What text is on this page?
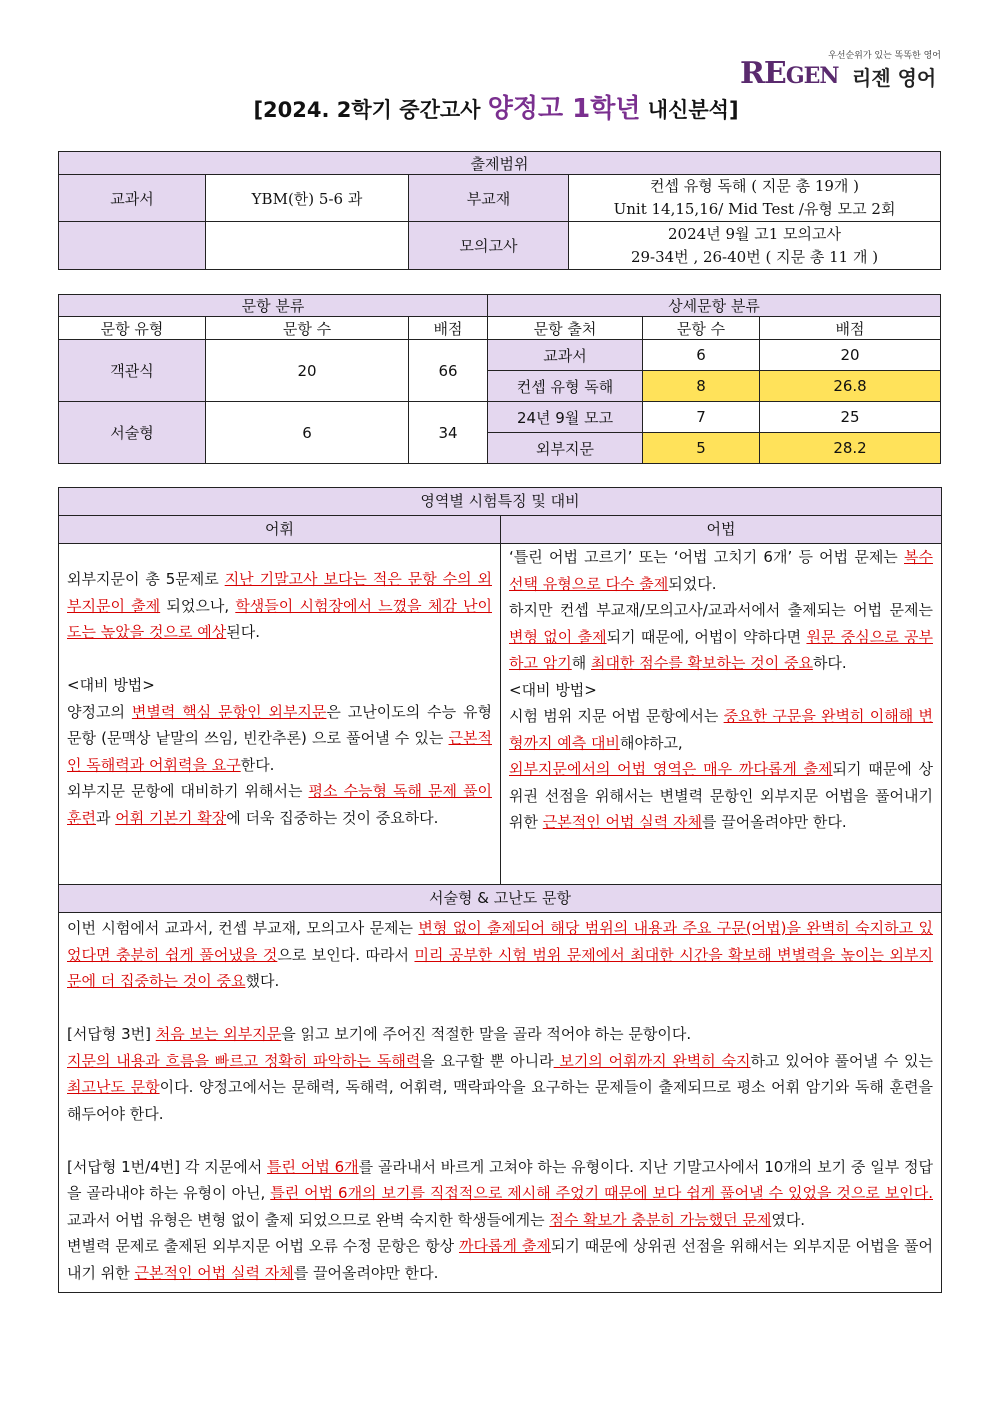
우선순위가 있는 똑똑한 영어
REGEN 리젠 영어
[2024. 2학기 중간고사 양정고 1학년 내신분석]
출제범위			
교과서	YBM(한) 5-6 과	부교재	컨셉 유형 독해 ( 지문 총 19개 )
Unit 14,15,16/ Mid Test /유형 모고 2회

		모의고사	2024년 9월 고1 모의고사
29-34번 , 26-40번 ( 지문 총 11 개 )
문항 분류			상세문항 분류		
문항 유형	문항 수	배점	문항 출처	문항 수	배점
객관식	20	66	교과서	6	20
			컨셉 유형 독해	8	26.8
서술형	6	34	24년 9월 모고	7	25
			외부지문	5	28.2
영역별 시험특징 및 대비
어휘

외부지문이 총 5문제로 지난 기말고사 보다는 적은 문항 수의 외부지문이 출제 되었으나, 학생들이 시험장에서 느꼈을 체감 난이도는 높았을 것으로 예상된다.

<대비 방법>

양정고의 변별력 핵심 문항인 외부지문은 고난이도의 수능 유형 문항 (문맥상 낱말의 쓰임, 빈칸추론) 으로 풀어낼 수 있는 근본적인 독해력과 어휘력을 요구한다.

외부지문 문항에 대비하기 위해서는 평소 수능형 독해 문제 풀이 훈련과 어휘 기본기 확장에 더욱 집중하는 것이 중요하다.

어법

‘틀린 어법 고르기’ 또는 ‘어법 고치기 6개’ 등 어법 문제는 복수 선택 유형으로 다수 출제되었다.

하지만 컨셉 부교재/모의고사/교과서에서 출제되는 어법 문제는 변형 없이 출제되기 때문에, 어법이 약하다면 원문 중심으로 공부하고 암기해 최대한 점수를 확보하는 것이 중요하다.

<대비 방법>

시험 범위 지문 어법 문항에서는 중요한 구문을 완벽히 이해해 변형까지 예측 대비해야하고,

외부지문에서의 어법 영역은 매우 까다롭게 출제되기 때문에 상위권 선점을 위해서는 변별력 문항인 외부지문 어법을 풀어내기 위한 근본적인 어법 실력 자체를 끌어올려야만 한다.

서술형 & 고난도 문항

이번 시험에서 교과서, 컨셉 부교재, 모의고사 문제는 변형 없이 출제되어 해당 범위의 내용과 주요 구문(어법)을 완벽히 숙지하고 있었다면 충분히 쉽게 풀어냈을 것으로 보인다. 따라서 미리 공부한 시험 범위 문제에서 최대한 시간을 확보해 변별력을 높이는 외부지문에 더 집중하는 것이 중요했다.

[서답형 3번] 처음 보는 외부지문을 읽고 보기에 주어진 적절한 말을 골라 적어야 하는 문항이다.

지문의 내용과 흐름을 빠르고 정확히 파악하는 독해력을 요구할 뿐 아니라 보기의 어휘까지 완벽히 숙지하고 있어야 풀어낼 수 있는 최고난도 문항이다. 양정고에서는 문해력, 독해력, 어휘력, 맥락파악을 요구하는 문제들이 출제되므로 평소 어휘 암기와 독해 훈련을 해두어야 한다.

[서답형 1번/4번] 각 지문에서 틀린 어법 6개를 골라내서 바르게 고쳐야 하는 유형이다. 지난 기말고사에서 10개의 보기 중 일부 정답을 골라내야 하는 유형이 아닌, 틀린 어법 6개의 보기를 직접적으로 제시해 주었기 때문에 보다 쉽게 풀어낼 수 있었을 것으로 보인다. 교과서 어법 유형은 변형 없이 출제 되었으므로 완벽 숙지한 학생들에게는 점수 확보가 충분히 가능했던 문제였다.

변별력 문제로 출제된 외부지문 어법 오류 수정 문항은 항상 까다롭게 출제되기 때문에 상위권 선점을 위해서는 외부지문 어법을 풀어내기 위한 근본적인 어법 실력 자체를 끌어올려야만 한다.
